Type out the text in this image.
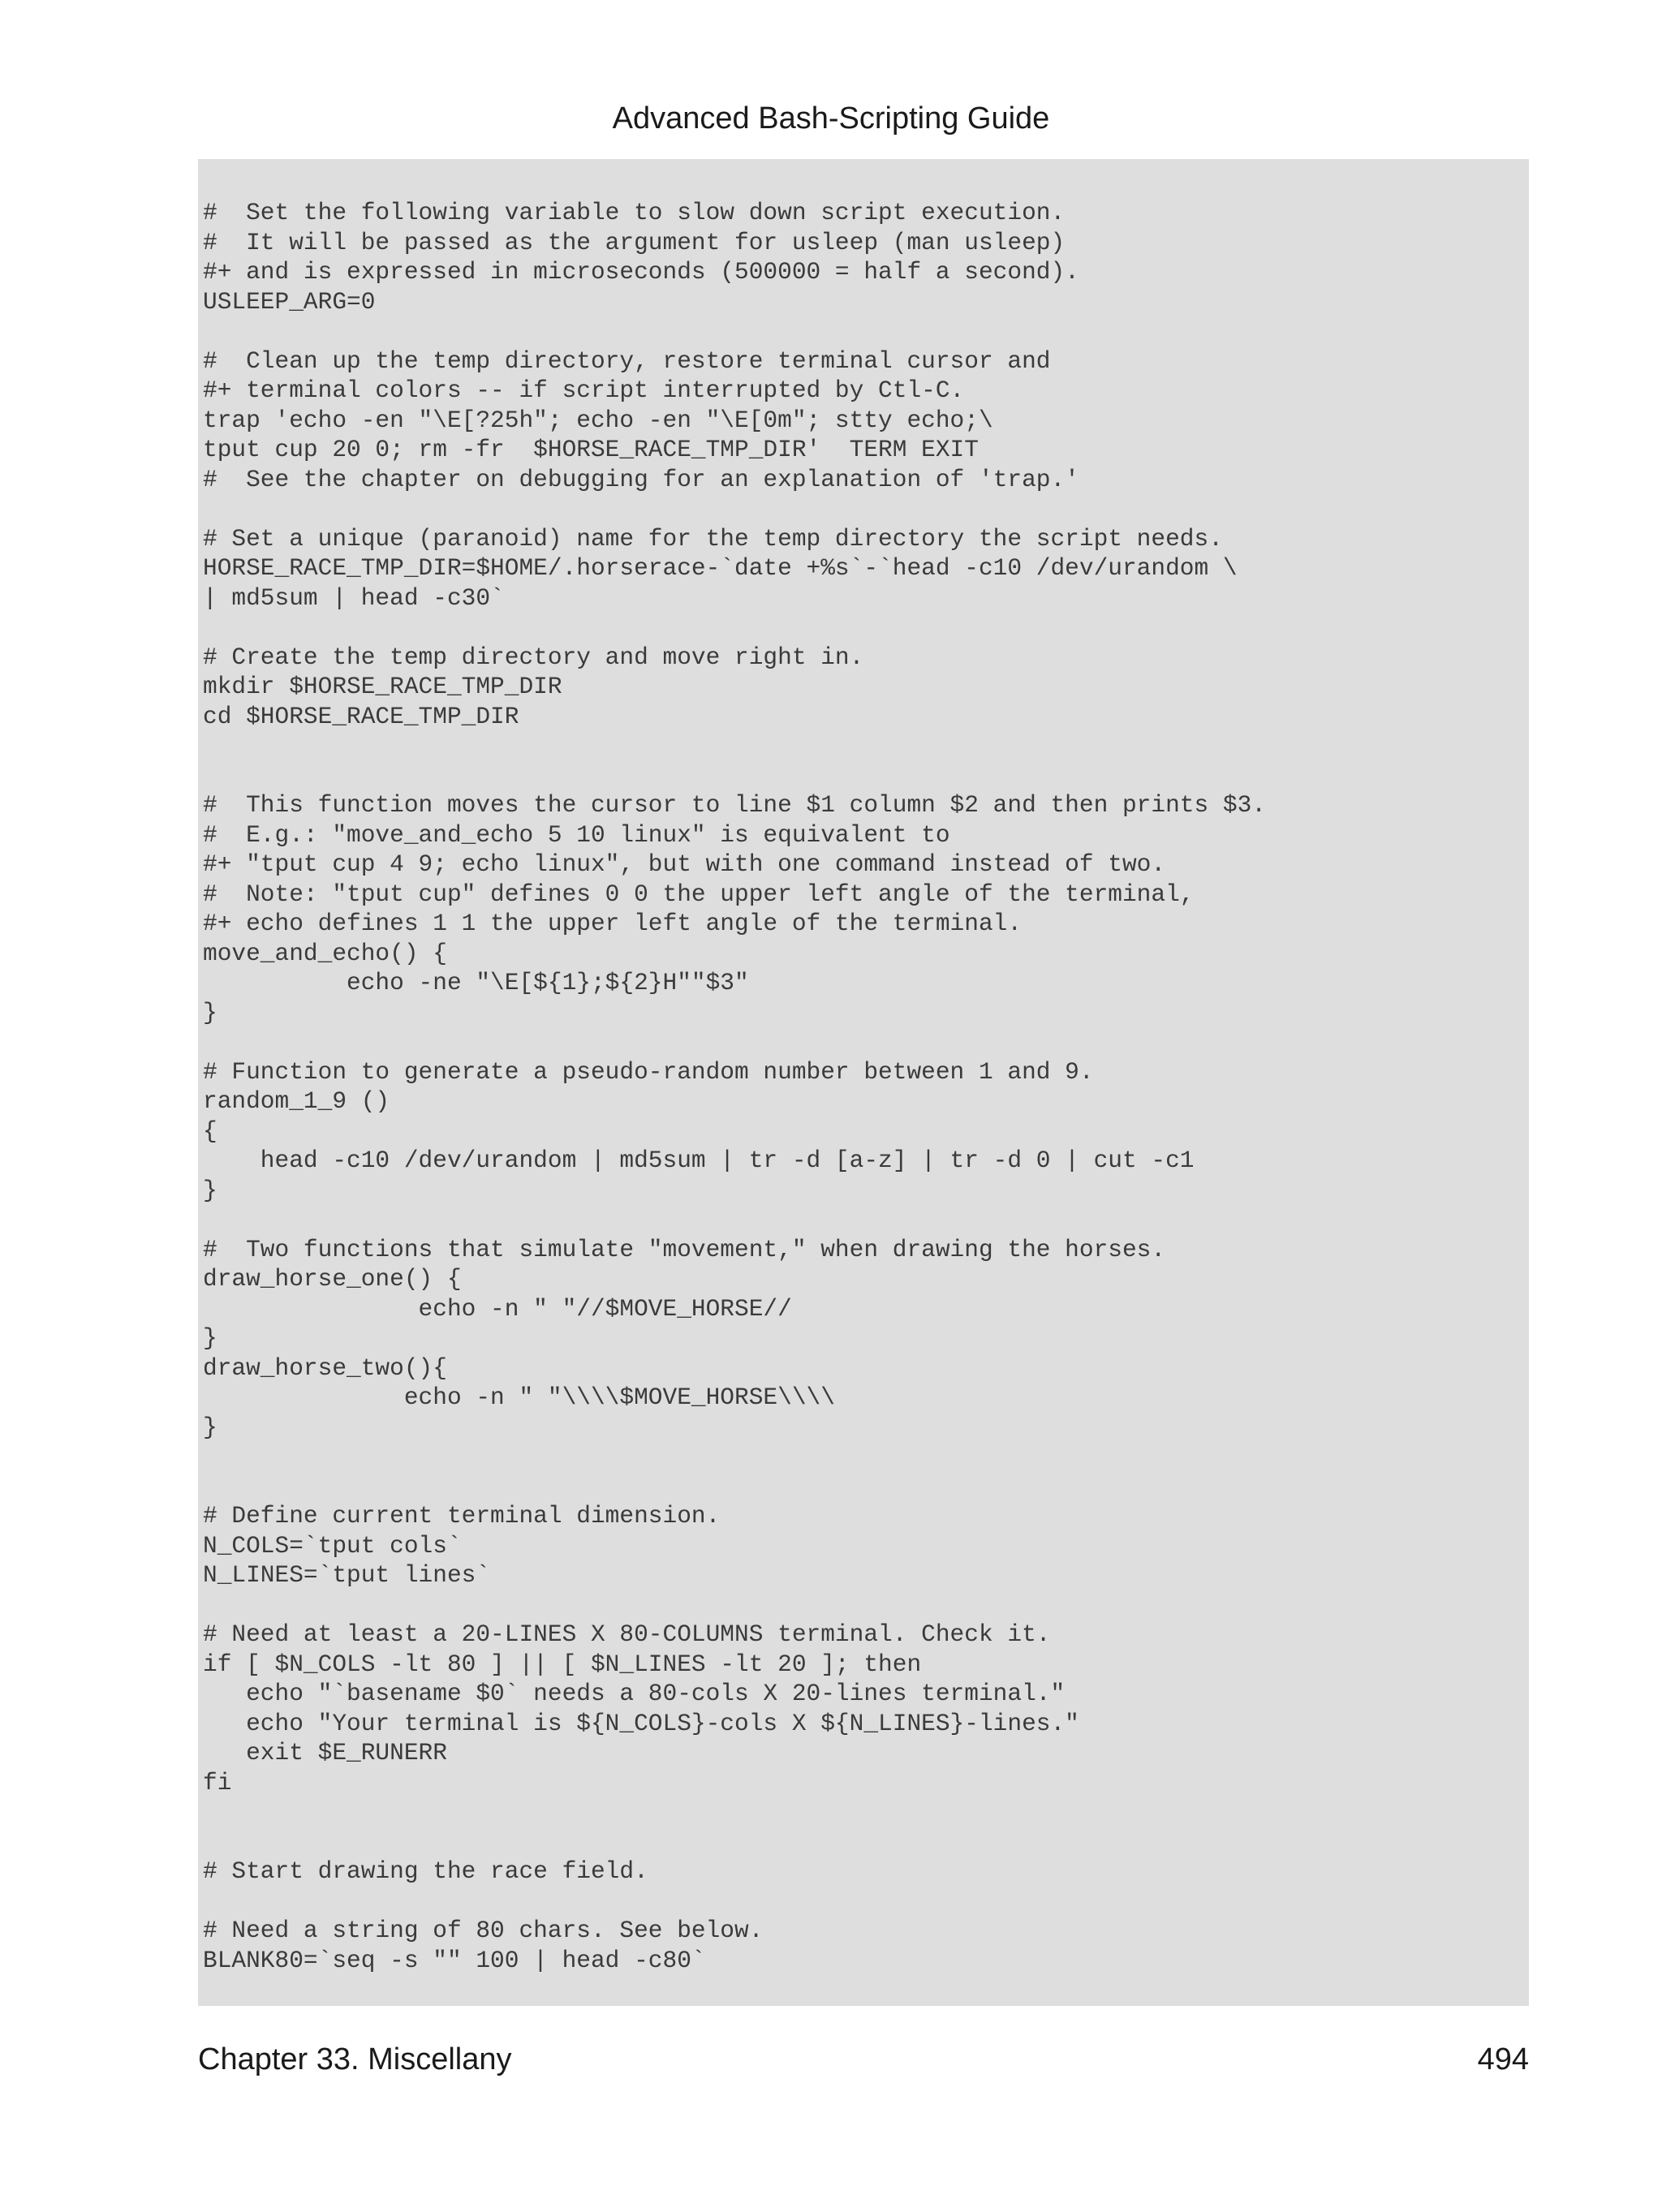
Advanced Bash-Scripting Guide
#  Set the following variable to slow down script execution.
#  It will be passed as the argument for usleep (man usleep)
#+ and is expressed in microseconds (500000 = half a second).
USLEEP_ARG=0
#  Clean up the temp directory, restore terminal cursor and
#+ terminal colors -- if script interrupted by Ctl-C.
trap 'echo -en "\E[?25h"; echo -en "\E[0m"; stty echo;\
tput cup 20 0; rm -fr  $HORSE_RACE_TMP_DIR'  TERM EXIT
#  See the chapter on debugging for an explanation of 'trap.'
# Set a unique (paranoid) name for the temp directory the script needs.
HORSE_RACE_TMP_DIR=$HOME/.horserace-`date +%s`-`head -c10 /dev/urandom \
| md5sum | head -c30`
# Create the temp directory and move right in.
mkdir $HORSE_RACE_TMP_DIR
cd $HORSE_RACE_TMP_DIR
#  This function moves the cursor to line $1 column $2 and then prints $3.
#  E.g.: "move_and_echo 5 10 linux" is equivalent to
#+ "tput cup 4 9; echo linux", but with one command instead of two.
#  Note: "tput cup" defines 0 0 the upper left angle of the terminal,
#+ echo defines 1 1 the upper left angle of the terminal.
move_and_echo() {
echo -ne "\E[${1};${2}H""$3"
}
# Function to generate a pseudo-random number between 1 and 9.
random_1_9 ()
{
head -c10 /dev/urandom | md5sum | tr -d [a-z] | tr -d 0 | cut -c1
}
#  Two functions that simulate "movement," when drawing the horses.
draw_horse_one() {
echo -n " "//$MOVE_HORSE//
}
draw_horse_two(){
echo -n " "\\\\$MOVE_HORSE\\\\
}
# Define current terminal dimension.
N_COLS=`tput cols`
N_LINES=`tput lines`
# Need at least a 20-LINES X 80-COLUMNS terminal. Check it.
if [ $N_COLS -lt 80 ] || [ $N_LINES -lt 20 ]; then
echo "`basename $0` needs a 80-cols X 20-lines terminal."
echo "Your terminal is ${N_COLS}-cols X ${N_LINES}-lines."
exit $E_RUNERR
fi
# Start drawing the race field.
# Need a string of 80 chars. See below.
BLANK80=`seq -s "" 100 | head -c80`
Chapter 33. Miscellany	494
